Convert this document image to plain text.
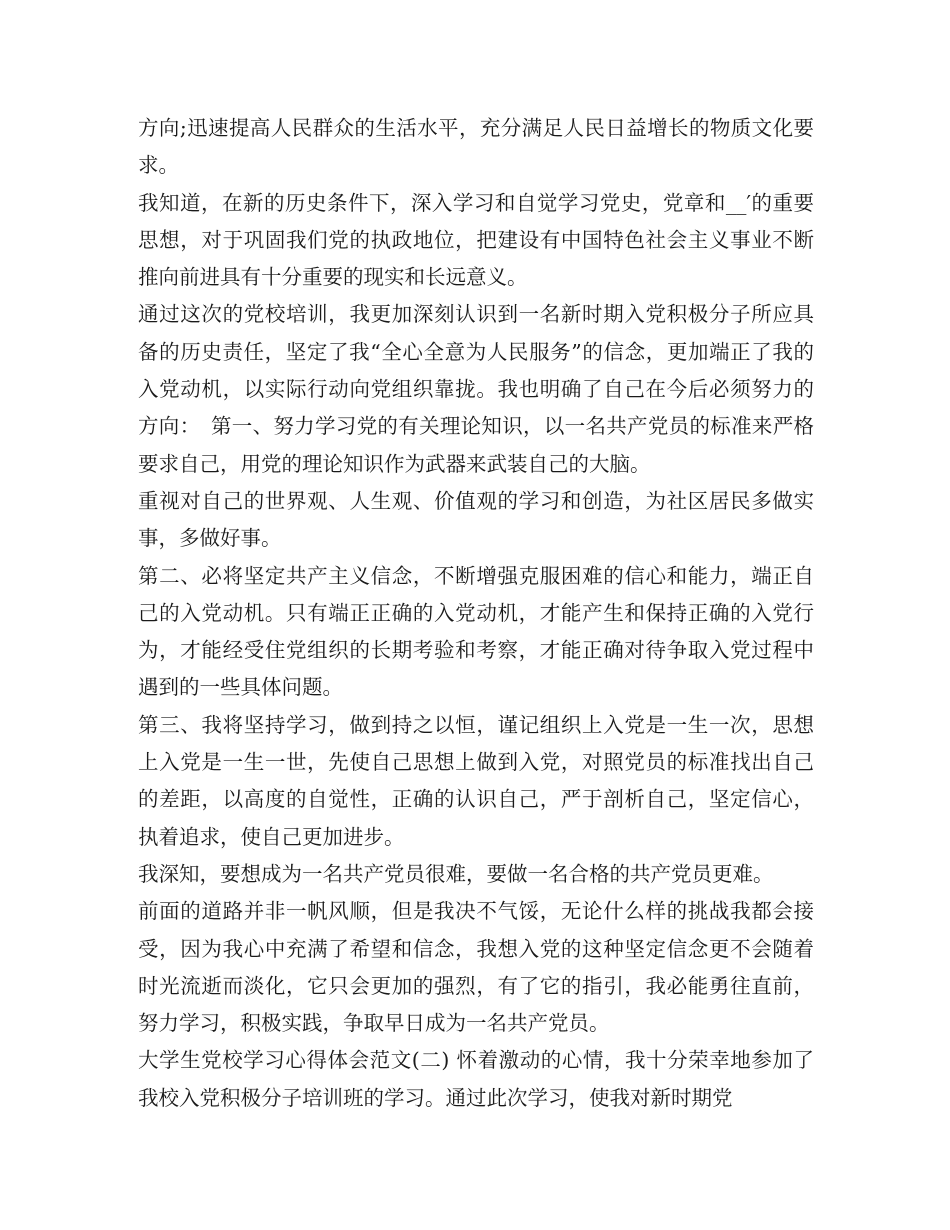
方向;迅速提高人民群众的生活水平，充分满足人民日益增长的物质文化要求。

我知道，在新的历史条件下，深入学习和自觉学习党史，党章和__′的重要思想，对于巩固我们党的执政地位，把建设有中国特色社会主义事业不断推向前进具有十分重要的现实和长远意义。

通过这次的党校培训，我更加深刻认识到一名新时期入党积极分子所应具备的历史责任，坚定了我“全心全意为人民服务”的信念，更加端正了我的入党动机，以实际行动向党组织靠拢。我也明确了自己在今后必须努力的方向：　第一、努力学习党的有关理论知识，以一名共产党员的标准来严格要求自己，用党的理论知识作为武器来武装自己的大脑。

重视对自己的世界观、人生观、价值观的学习和创造，为社区居民多做实事，多做好事。

第二、必将坚定共产主义信念，不断增强克服困难的信心和能力，端正自己的入党动机。只有端正正确的入党动机，才能产生和保持正确的入党行为，才能经受住党组织的长期考验和考察，才能正确对待争取入党过程中遇到的一些具体问题。

第三、我将坚持学习，做到持之以恒，谨记组织上入党是一生一次，思想上入党是一生一世，先使自己思想上做到入党，对照党员的标准找出自己的差距，以高度的自觉性，正确的认识自己，严于剖析自己，坚定信心，执着追求，使自己更加进步。

我深知，要想成为一名共产党员很难，要做一名合格的共产党员更难。

前面的道路并非一帆风顺，但是我决不气馁，无论什么样的挑战我都会接受，因为我心中充满了希望和信念，我想入党的这种坚定信念更不会随着时光流逝而淡化，它只会更加的强烈，有了它的指引，我必能勇往直前，努力学习，积极实践，争取早日成为一名共产党员。

大学生党校学习心得体会范文(二) 怀着激动的心情，我十分荣幸地参加了我校入党积极分子培训班的学习。通过此次学习，使我对新时期党
